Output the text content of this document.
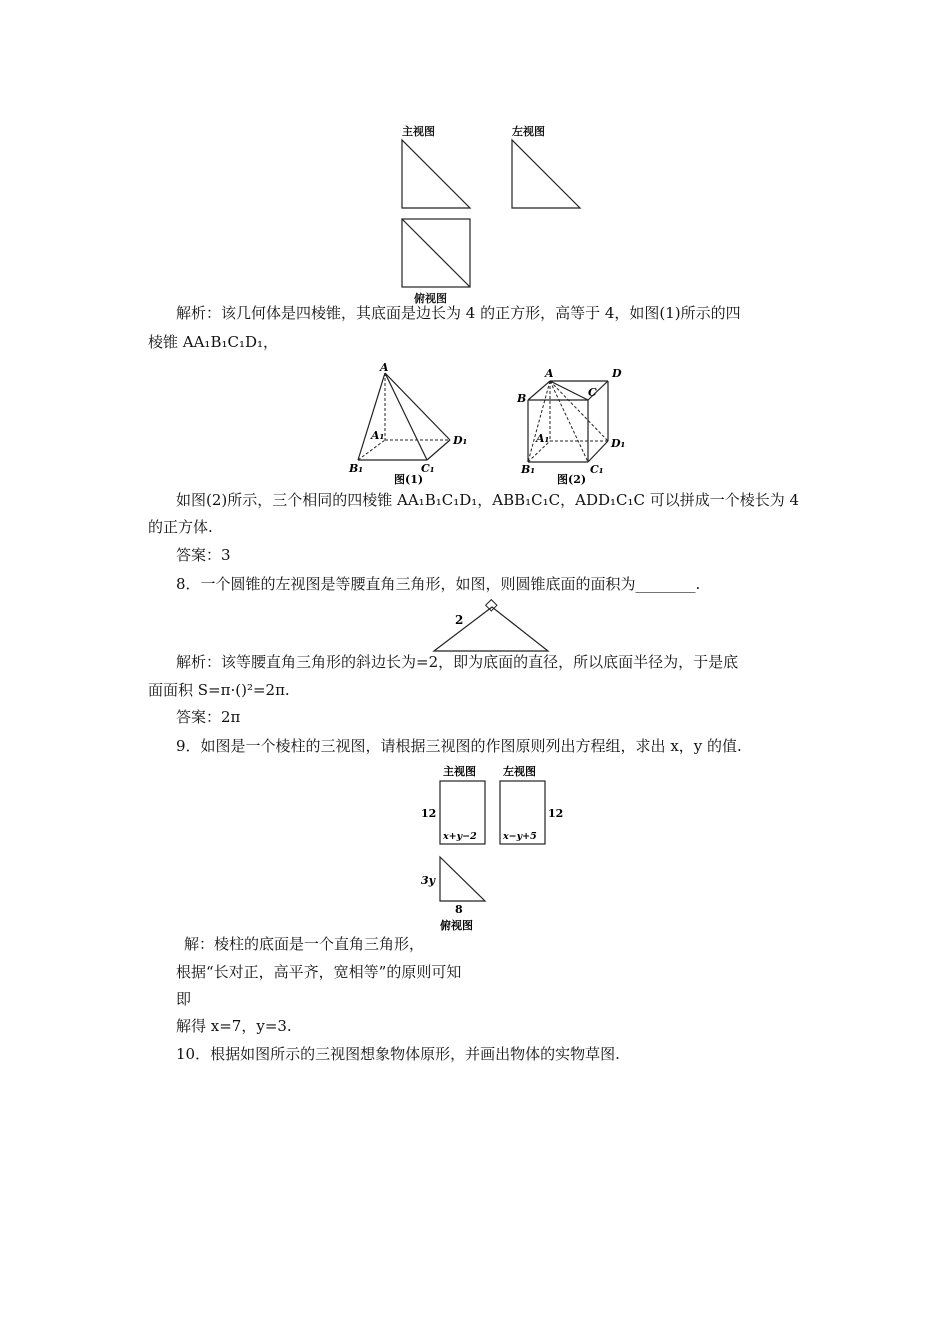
主视图	左视图
俯视图
解析：该几何体是四棱锥，其底面是边长为 4 的正方形，高等于 4，如图(1)所示的四
棱锥 AA₁B₁C₁D₁，
A
A₁
B₁	C₁
D₁
图(1)
A	D
B	C
A₁
B₁	C₁
D₁
图(2)
如图(2)所示，三个相同的四棱锥 AA₁B₁C₁D₁，ABB₁C₁C，ADD₁C₁C 可以拼成一个棱长为 4
的正方体.
答案：3
8．一个圆锥的左视图是等腰直角三角形，如图，则圆锥底面的面积为________.
2
解析：该等腰直角三角形的斜边长为=2，即为底面的直径，所以底面半径为，于是底
面面积 S=π·()²=2π.
答案：2π
9．如图是一个棱柱的三视图，请根据三视图的作图原则列出方程组，求出 x，y 的值.
主视图 左视图
12	12
x+y−2	x−y+5
3y
8
俯视图
解：棱柱的底面是一个直角三角形，
根据“长对正，高平齐，宽相等”的原则可知
即
解得 x=7，y=3.
10．根据如图所示的三视图想象物体原形，并画出物体的实物草图.
